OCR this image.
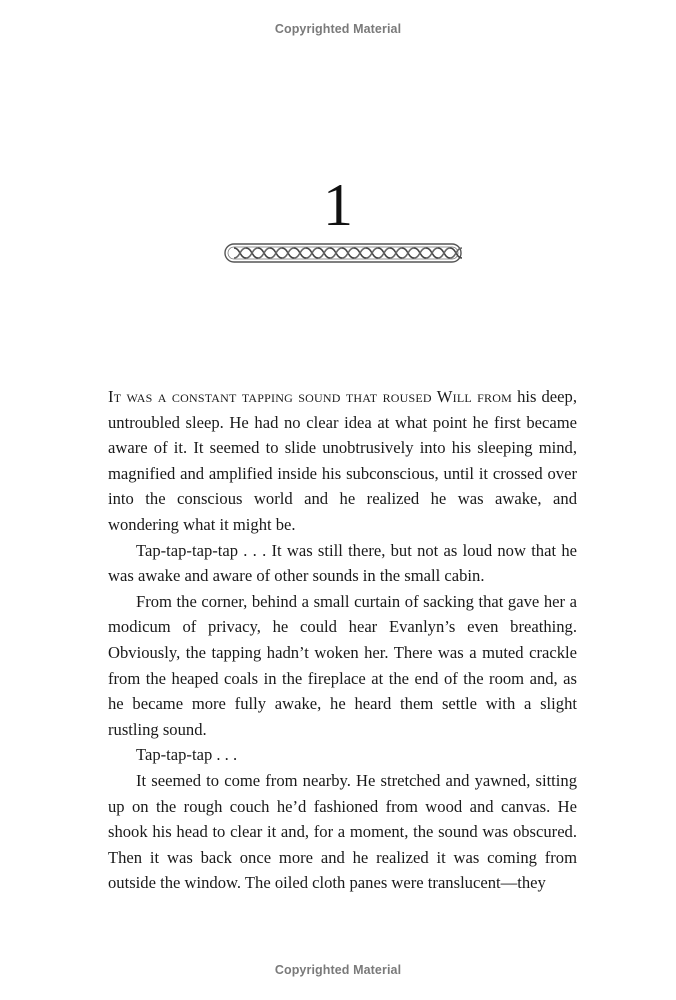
Copyrighted Material
1

It was a constant tapping sound that roused Will from his deep, untroubled sleep. He had no clear idea at what point he first became aware of it. It seemed to slide unobtrusively into his sleeping mind, magnified and amplified inside his subconscious, until it crossed over into the conscious world and he realized he was awake, and wondering what it might be.

Tap-tap-tap-tap . . . It was still there, but not as loud now that he was awake and aware of other sounds in the small cabin.

From the corner, behind a small curtain of sacking that gave her a modicum of privacy, he could hear Evanlyn’s even breathing. Obviously, the tapping hadn’t woken her. There was a muted crackle from the heaped coals in the fireplace at the end of the room and, as he became more fully awake, he heard them settle with a slight rustling sound.

Tap-tap-tap . . .

It seemed to come from nearby. He stretched and yawned, sitting up on the rough couch he’d fashioned from wood and canvas. He shook his head to clear it and, for a moment, the sound was obscured. Then it was back once more and he realized it was coming from outside the window. The oiled cloth panes were translucent—they

Copyrighted Material
